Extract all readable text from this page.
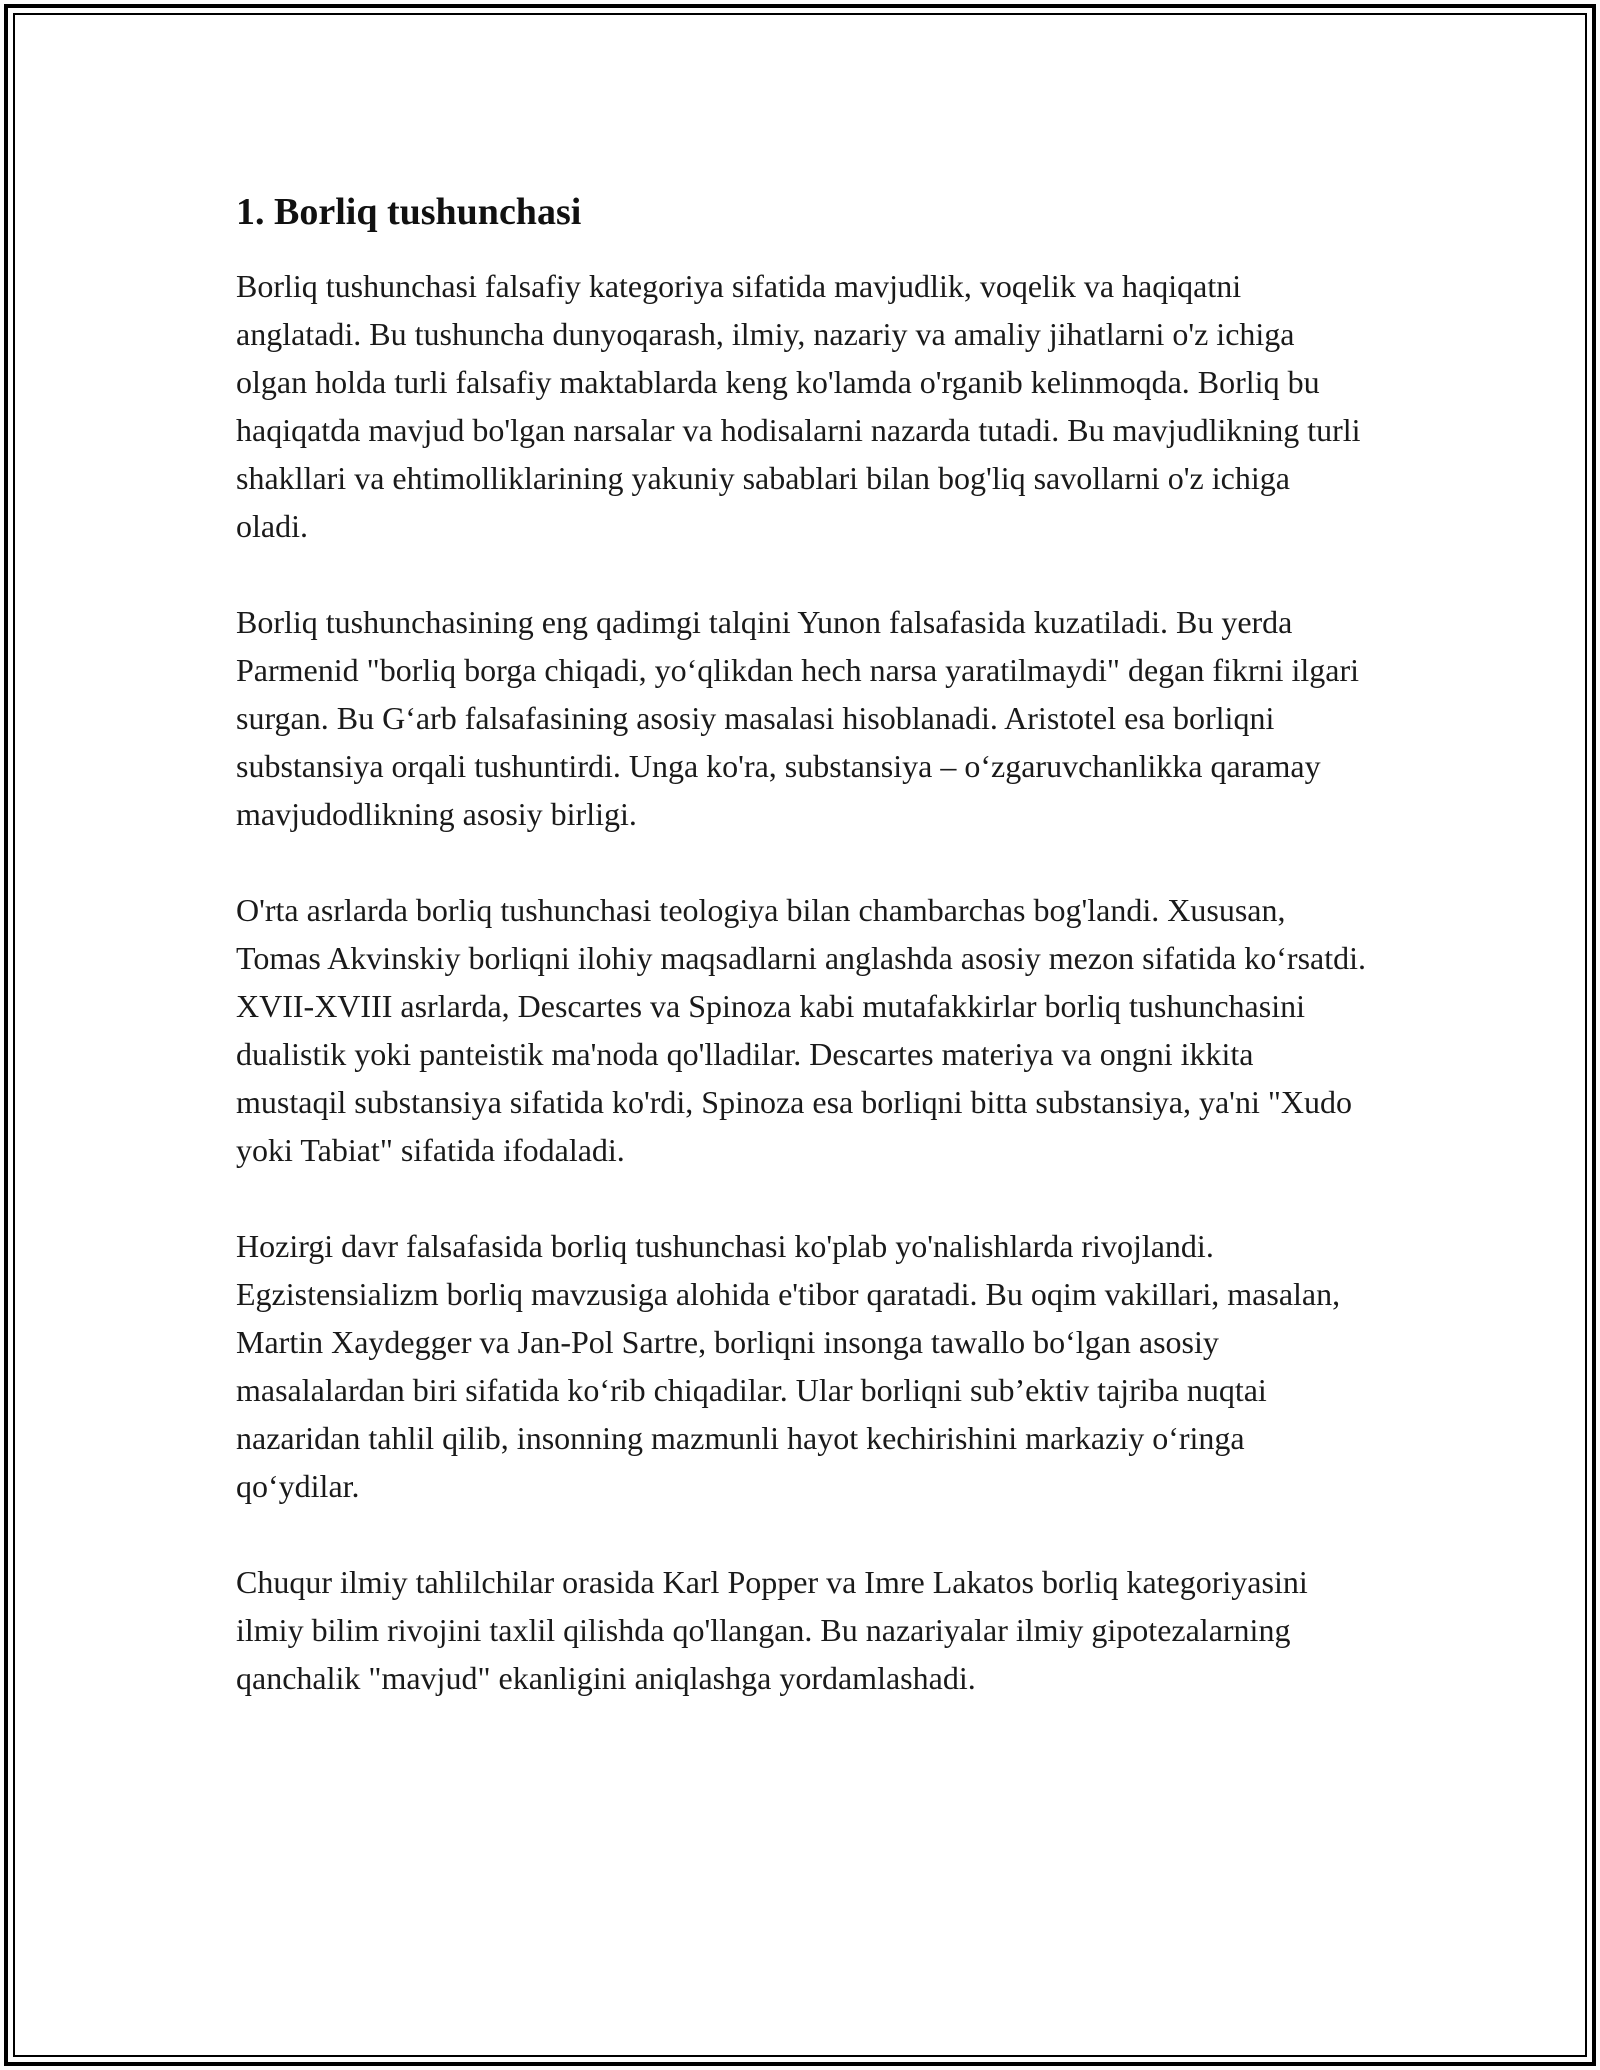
1. Borliq tushunchasi

Borliq tushunchasi falsafiy kategoriya sifatida mavjudlik, voqelik va haqiqatni anglatadi. Bu tushuncha dunyoqarash, ilmiy, nazariy va amaliy jihatlarni o'z ichiga olgan holda turli falsafiy maktablarda keng ko'lamda o'rganib kelinmoqda. Borliq bu haqiqatda mavjud bo'lgan narsalar va hodisalarni nazarda tutadi. Bu mavjudlikning turli shakllari va ehtimolliklarining yakuniy sabablari bilan bog'liq savollarni o'z ichiga oladi.

Borliq tushunchasining eng qadimgi talqini Yunon falsafasida kuzatiladi. Bu yerda Parmenid "borliq borga chiqadi, yo‘qlikdan hech narsa yaratilmaydi" degan fikrni ilgari surgan. Bu G‘arb falsafasining asosiy masalasi hisoblanadi. Aristotel esa borliqni substansiya orqali tushuntirdi. Unga ko'ra, substansiya – o‘zgaruvchanlikka qaramay mavjudodlikning asosiy birligi.

O'rta asrlarda borliq tushunchasi teologiya bilan chambarchas bog'landi. Xususan, Tomas Akvinskiy borliqni ilohiy maqsadlarni anglashda asosiy mezon sifatida ko‘rsatdi. XVII-XVIII asrlarda, Descartes va Spinoza kabi mutafakkirlar borliq tushunchasini dualistik yoki panteistik ma'noda qo'lladilar. Descartes materiya va ongni ikkita mustaqil substansiya sifatida ko'rdi, Spinoza esa borliqni bitta substansiya, ya'ni "Xudo yoki Tabiat" sifatida ifodaladi.

Hozirgi davr falsafasida borliq tushunchasi ko'plab yo'nalishlarda rivojlandi. Egzistensializm borliq mavzusiga alohida e'tibor qaratadi. Bu oqim vakillari, masalan, Martin Xaydegger va Jan-Pol Sartre, borliqni insonga tawallo bo‘lgan asosiy masalalardan biri sifatida ko‘rib chiqadilar. Ular borliqni sub’ektiv tajriba nuqtai nazaridan tahlil qilib, insonning mazmunli hayot kechirishini markaziy o‘ringa qo‘ydilar.

Chuqur ilmiy tahlilchilar orasida Karl Popper va Imre Lakatos borliq kategoriyasini ilmiy bilim rivojini taxlil qilishda qo'llangan. Bu nazariyalar ilmiy gipotezalarning qanchalik "mavjud" ekanligini aniqlashga yordamlashadi.
